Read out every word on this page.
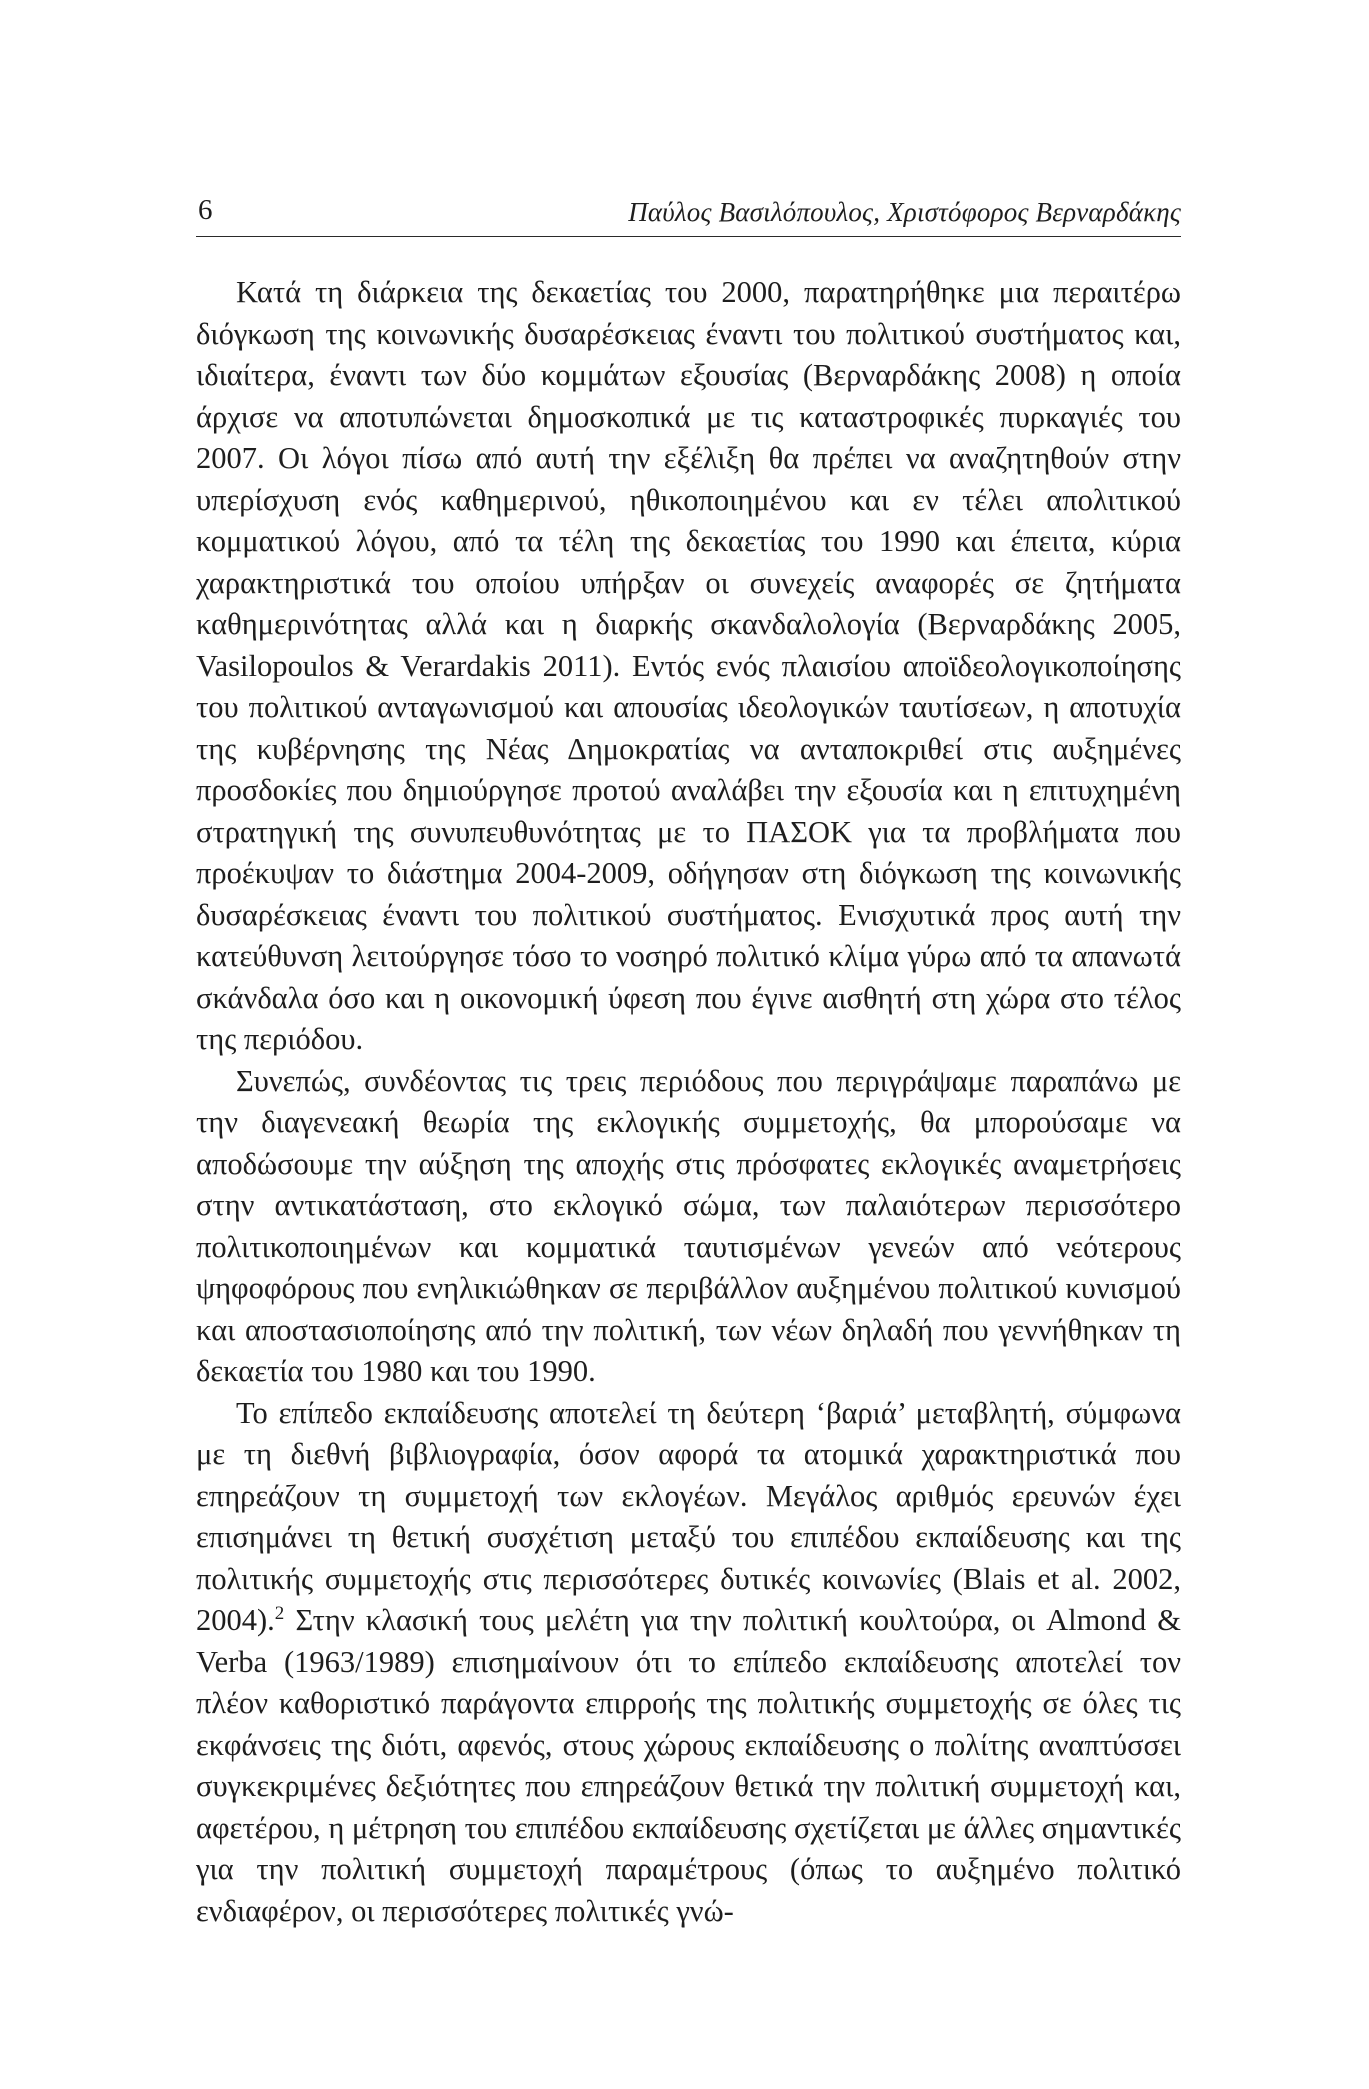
6	Παύλος Βασιλόπουλος, Χριστόφορος Βερναρδάκης

Κατά τη διάρκεια της δεκαετίας του 2000, παρατηρήθηκε μια περαιτέρω διόγκωση της κοινωνικής δυσαρέσκειας έναντι του πολιτικού συστήματος και, ιδιαίτερα, έναντι των δύο κομμάτων εξουσίας (Βερναρδάκης 2008) η οποία άρχισε να αποτυπώνεται δημοσκοπικά με τις καταστροφικές πυρκαγιές του 2007. Οι λόγοι πίσω από αυτή την εξέλιξη θα πρέπει να αναζητηθούν στην υπερίσχυση ενός καθημερινού, ηθικοποιημένου και εν τέλει απολιτικού κομματικού λόγου, από τα τέλη της δεκαετίας του 1990 και έπειτα, κύρια χαρακτηριστικά του οποίου υπήρξαν οι συνεχείς αναφορές σε ζητήματα καθημερινότητας αλλά και η διαρκής σκανδαλολογία (Βερναρδάκης 2005, Vasilopoulos & Verardakis 2011). Εντός ενός πλαισίου αποϊδεολογικοποίησης του πολιτικού ανταγωνισμού και απουσίας ιδεολογικών ταυτίσεων, η αποτυχία της κυβέρνησης της Νέας Δημοκρατίας να ανταποκριθεί στις αυξημένες προσδοκίες που δημιούργησε προτού αναλάβει την εξουσία και η επιτυχημένη στρατηγική της συνυπευθυνότητας με το ΠΑΣΟΚ για τα προβλήματα που προέκυψαν το διάστημα 2004-2009, οδήγησαν στη διόγκωση της κοινωνικής δυσαρέσκειας έναντι του πολιτικού συστήματος. Ενισχυτικά προς αυτή την κατεύθυνση λειτούργησε τόσο το νοσηρό πολιτικό κλίμα γύρω από τα απανωτά σκάνδαλα όσο και η οικονομική ύφεση που έγινε αισθητή στη χώρα στο τέλος της περιόδου.

Συνεπώς, συνδέοντας τις τρεις περιόδους που περιγράψαμε παραπάνω με την διαγενεακή θεωρία της εκλογικής συμμετοχής, θα μπορούσαμε να αποδώσουμε την αύξηση της αποχής στις πρόσφατες εκλογικές αναμετρήσεις στην αντικατάσταση, στο εκλογικό σώμα, των παλαιότερων περισσότερο πολιτικοποιημένων και κομματικά ταυτισμένων γενεών από νεότερους ψηφοφόρους που ενηλικιώθηκαν σε περιβάλλον αυξημένου πολιτικού κυνισμού και αποστασιοποίησης από την πολιτική, των νέων δηλαδή που γεννήθηκαν τη δεκαετία του 1980 και του 1990.

Το επίπεδο εκπαίδευσης αποτελεί τη δεύτερη ‘βαριά’ μεταβλητή, σύμφωνα με τη διεθνή βιβλιογραφία, όσον αφορά τα ατομικά χαρακτηριστικά που επηρεάζουν τη συμμετοχή των εκλογέων. Μεγάλος αριθμός ερευνών έχει επισημάνει τη θετική συσχέτιση μεταξύ του επιπέδου εκπαίδευσης και της πολιτικής συμμετοχής στις περισσότερες δυτικές κοινωνίες (Blais et al. 2002, 2004).$^2$ Στην κλασική τους μελέτη για την πολιτική κουλτούρα, οι Almond & Verba (1963/1989) επισημαίνουν ότι το επίπεδο εκπαίδευσης αποτελεί τον πλέον καθοριστικό παράγοντα επιρροής της πολιτικής συμμετοχής σε όλες τις εκφάνσεις της διότι, αφενός, στους χώρους εκπαίδευσης ο πολίτης αναπτύσσει συγκεκριμένες δεξιότητες που επηρεάζουν θετικά την πολιτική συμμετοχή και, αφετέρου, η μέτρηση του επιπέδου εκπαίδευσης σχετίζεται με άλλες σημαντικές για την πολιτική συμμετοχή παραμέτρους (όπως το αυξημένο πολιτικό ενδιαφέρον, οι περισσότερες πολιτικές γνώ-
